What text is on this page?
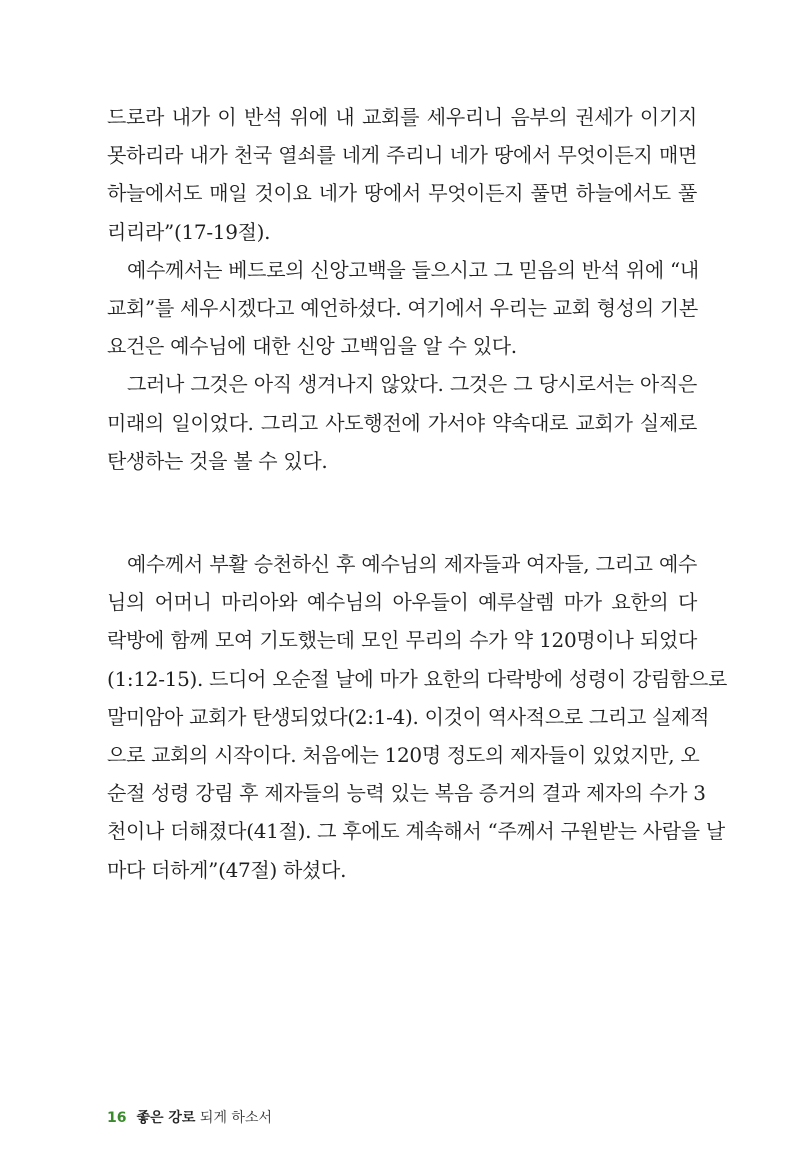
드로라 내가 이 반석 위에 내 교회를 세우리니 음부의 권세가 이기지
못하리라 내가 천국 열쇠를 네게 주리니 네가 땅에서 무엇이든지 매면
하늘에서도 매일 것이요 네가 땅에서 무엇이든지 풀면 하늘에서도 풀
리리라”(17-19절).
예수께서는 베드로의 신앙고백을 들으시고 그 믿음의 반석 위에 “내
교회”를 세우시겠다고 예언하셨다. 여기에서 우리는 교회 형성의 기본
요건은 예수님에 대한 신앙 고백임을 알 수 있다.
그러나 그것은 아직 생겨나지 않았다. 그것은 그 당시로서는 아직은
미래의 일이었다. 그리고 사도행전에 가서야 약속대로 교회가 실제로
탄생하는 것을 볼 수 있다.
예수께서 부활 승천하신 후 예수님의 제자들과 여자들, 그리고 예수
님의 어머니 마리아와 예수님의 아우들이 예루살렘 마가 요한의 다
락방에 함께 모여 기도했는데 모인 무리의 수가 약 120명이나 되었다
(1:12-15). 드디어 오순절 날에 마가 요한의 다락방에 성령이 강림함으로
말미암아 교회가 탄생되었다(2:1-4). 이것이 역사적으로 그리고 실제적
으로 교회의 시작이다. 처음에는 120명 정도의 제자들이 있었지만, 오
순절 성령 강림 후 제자들의 능력 있는 복음 증거의 결과 제자의 수가 3
천이나 더해졌다(41절). 그 후에도 계속해서 “주께서 구원받는 사람을 날
마다 더하게”(47절) 하셨다.
16 좋은 강로 되게 하소서
